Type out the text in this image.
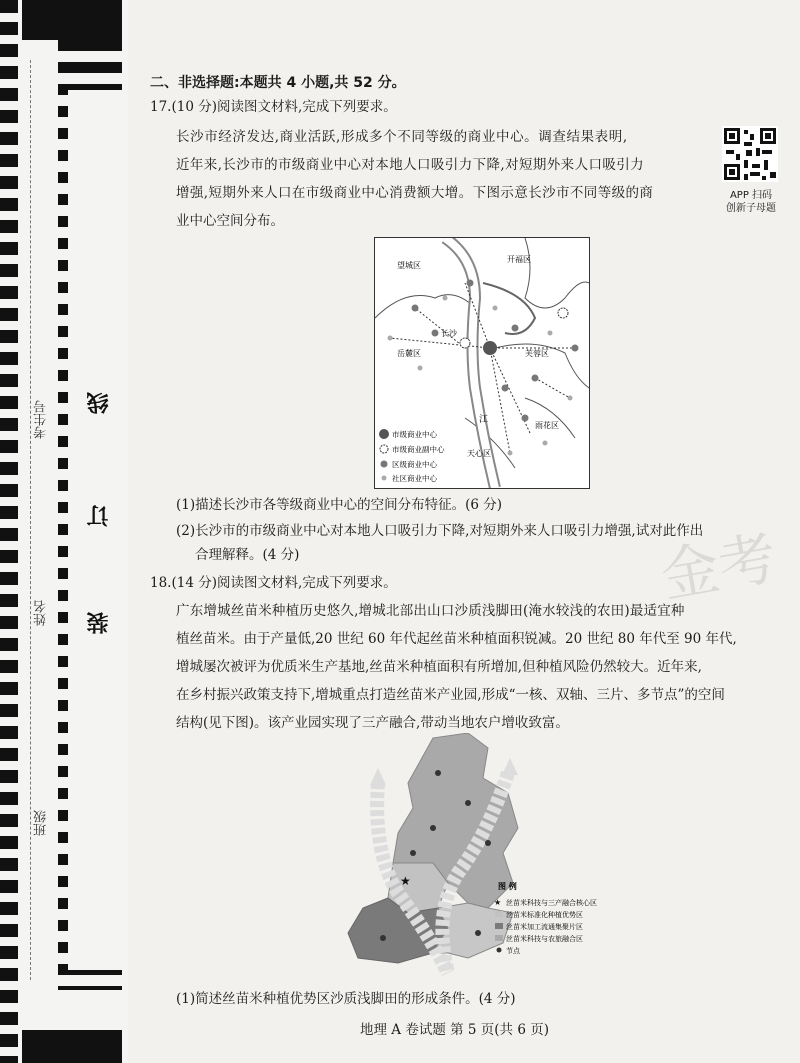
考生号
姓名
班级
线
订
装
二、非选择题:本题共 4 小题,共 52 分。
17.(10 分)阅读图文材料,完成下列要求。
长沙市经济发达,商业活跃,形成多个不同等级的商业中心。调查结果表明,
近年来,长沙市的市级商业中心对本地人口吸引力下降,对短期外来人口吸引力
增强,短期外来人口在市级商业中心消费额大增。下图示意长沙市不同等级的商
业中心空间分布。
APP 扫码
创新子母题
望城区
开福区
岳麓区
长沙
芙蓉区
雨花区
天心区
江
市级商业中心
市级商业副中心
区级商业中心
社区商业中心
(1)描述长沙市各等级商业中心的空间分布特征。(6 分)
(2)长沙市的市级商业中心对本地人口吸引力下降,对短期外来人口吸引力增强,试对此作出
合理解释。(4 分)	金考
18.(14 分)阅读图文材料,完成下列要求。
广东增城丝苗米种植历史悠久,增城北部出山口沙质浅脚田(淹水较浅的农田)最适宜种
植丝苗米。由于产量低,20 世纪 60 年代起丝苗米种植面积锐减。20 世纪 80 年代至 90 年代,
增城屡次被评为优质米生产基地,丝苗米种植面积有所增加,但种植风险仍然较大。近年来,
在乡村振兴政策支持下,增城重点打造丝苗米产业园,形成“一核、双轴、三片、多节点”的空间
结构(见下图)。该产业园实现了三产融合,带动当地农户增收致富。
★	图 例
★ 丝苗米科技与三产融合核心区
丝苗米标准化种植优势区
丝苗米加工流通集聚片区
丝苗米科技与农旅融合区
节点
(1)简述丝苗米种植优势区沙质浅脚田的形成条件。(4 分)
地理 A 卷试题 第 5 页(共 6 页)
